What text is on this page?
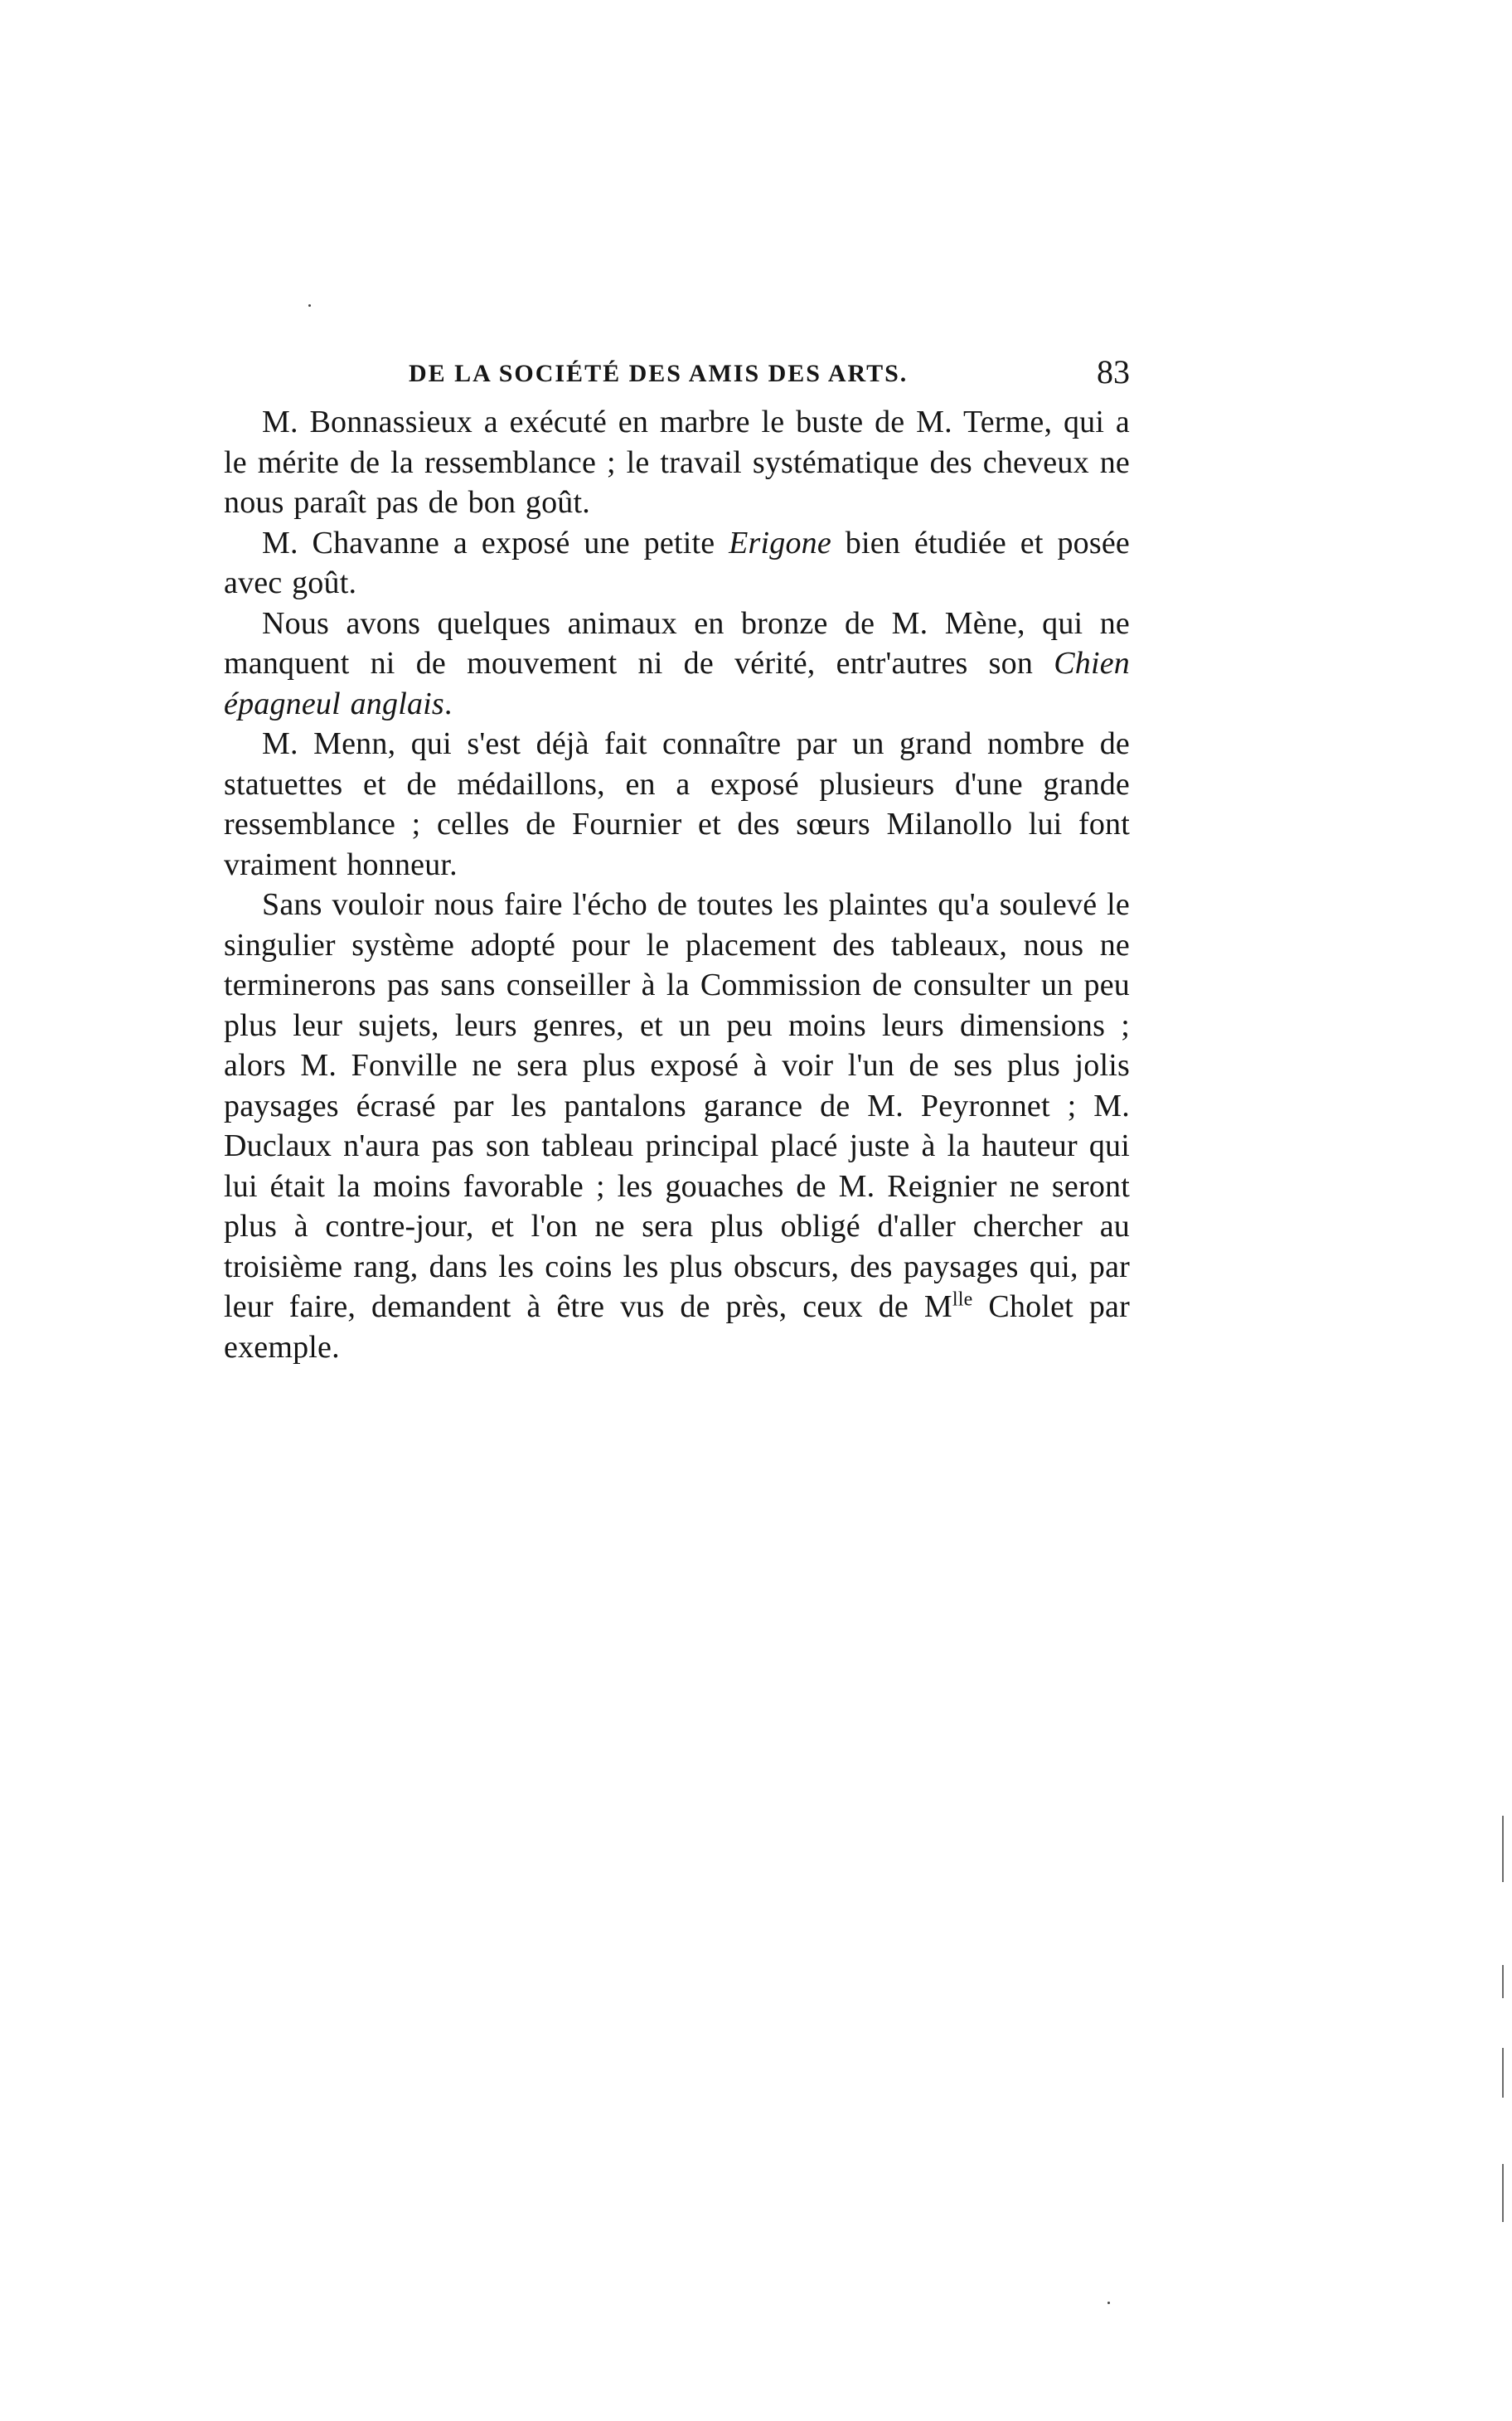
DE LA SOCIÉTÉ DES AMIS DES ARTS.	83

M. Bonnassieux a exécuté en marbre le buste de M. Terme, qui a le mérite de la ressemblance ; le travail systématique des cheveux ne nous paraît pas de bon goût.

M. Chavanne a exposé une petite Erigone bien étudiée et posée avec goût.

Nous avons quelques animaux en bronze de M. Mène, qui ne manquent ni de mouvement ni de vérité, entr'autres son Chien épagneul anglais.

M. Menn, qui s'est déjà fait connaître par un grand nombre de statuettes et de médaillons, en a exposé plusieurs d'une grande ressemblance ; celles de Fournier et des sœurs Milanollo lui font vraiment honneur.

Sans vouloir nous faire l'écho de toutes les plaintes qu'a soulevé le singulier système adopté pour le placement des tableaux, nous ne terminerons pas sans conseiller à la Commission de consulter un peu plus leur sujets, leurs genres, et un peu moins leurs dimensions ; alors M. Fonville ne sera plus exposé à voir l'un de ses plus jolis paysages écrasé par les pantalons garance de M. Peyronnet ; M. Duclaux n'aura pas son tableau principal placé juste à la hauteur qui lui était la moins favorable ; les gouaches de M. Reignier ne seront plus à contre-jour, et l'on ne sera plus obligé d'aller chercher au troisième rang, dans les coins les plus obscurs, des paysages qui, par leur faire, demandent à être vus de près, ceux de $M^{lle}$ Cholet par exemple.
